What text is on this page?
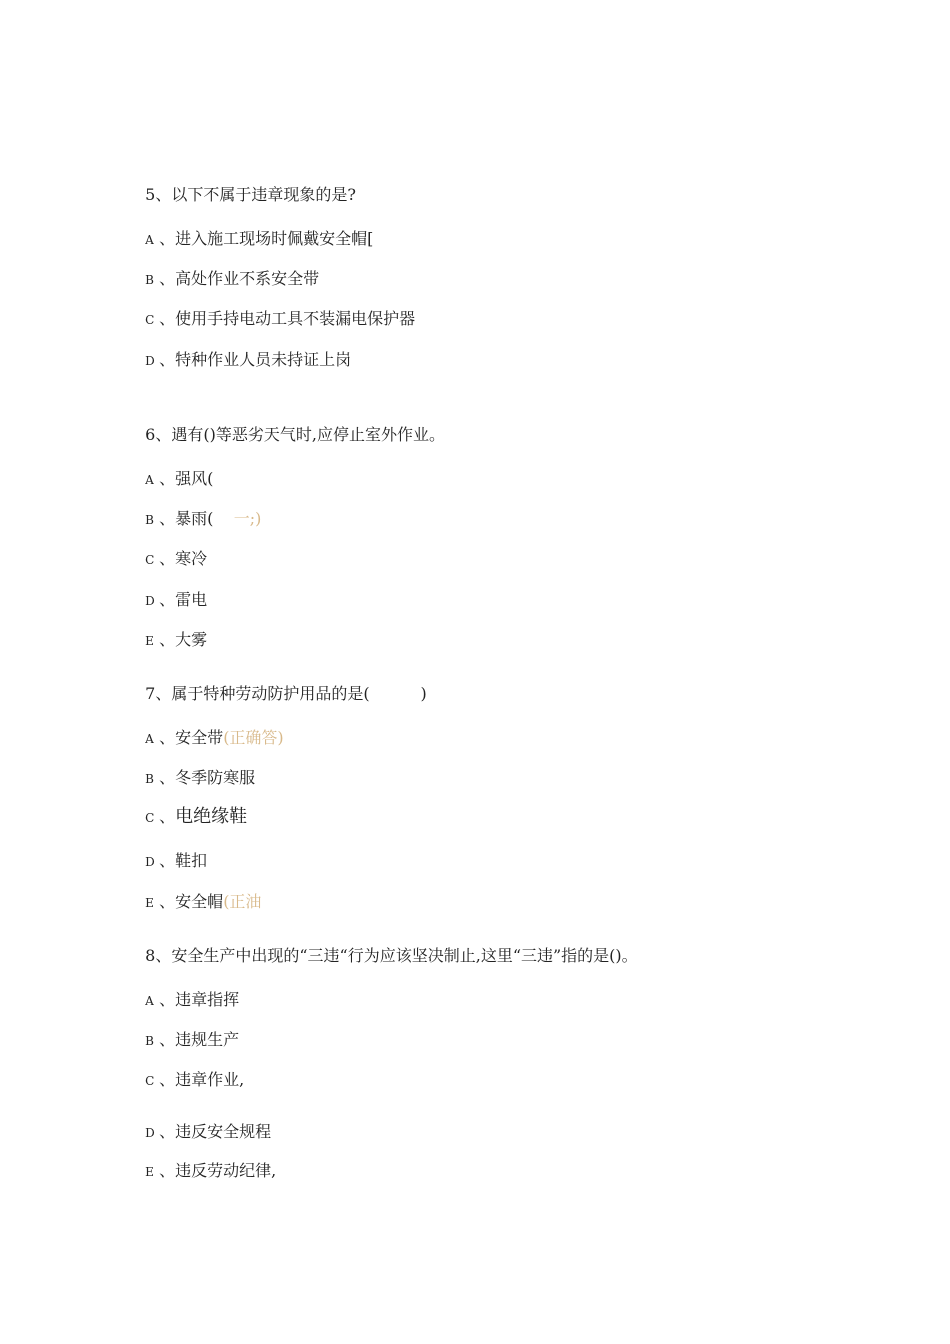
5、以下不属于违章现象的是?

A 、进入施工现场时佩戴安全帽[

B 、高处作业不系安全带

C 、使用手持电动工具不装漏电保护器

D 、特种作业人员未持证上岗

6、遇有()等恶劣天气时,应停止室外作业。

A 、强风(

B 、暴雨(    一;)

C 、寒冷

D 、雷电

E 、大雾

7、属于特种劳动防护用品的是(          )

A 、安全带(正确答)

B 、冬季防寒服

C 、电绝缘鞋

D 、鞋扣

E 、安全帽(正油

8、安全生产中出现的“三违“行为应该坚决制止,这里“三违”指的是()。

A 、违章指挥

B 、违规生产

C 、违章作业,

D 、违反安全规程

E 、违反劳动纪律,
